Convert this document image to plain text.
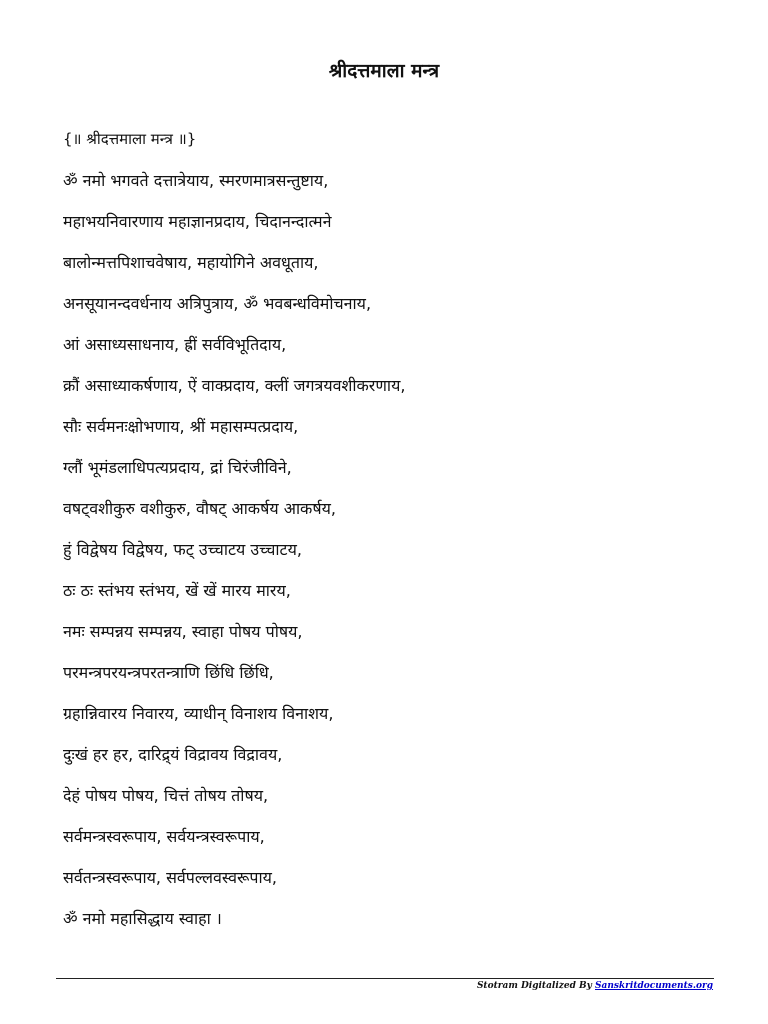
श्रीदत्तमाला मन्त्र
{॥ श्रीदत्तमाला मन्त्र ॥}
ॐ नमो भगवते दत्तात्रेयाय, स्मरणमात्रसन्तुष्टाय,
महाभयनिवारणाय महाज्ञानप्रदाय, चिदानन्दात्मने
बालोन्मत्तपिशाचवेषाय, महायोगिने अवधूताय,
अनसूयानन्दवर्धनाय अत्रिपुत्राय, ॐ भवबन्धविमोचनाय,
आं असाध्यसाधनाय, ह्रीं सर्वविभूतिदाय,
क्रौं असाध्याकर्षणाय, ऐं वाक्प्रदाय, क्लीं जगत्रयवशीकरणाय,
सौः सर्वमनःक्षोभणाय, श्रीं महासम्पत्प्रदाय,
ग्लौं भूमंडलाधिपत्यप्रदाय, द्रां चिरंजीविने,
वषट्वशीकुरु वशीकुरु, वौषट् आकर्षय आकर्षय,
हुं विद्वेषय विद्वेषय, फट् उच्चाटय उच्चाटय,
ठः ठः स्तंभय स्तंभय, खें खें मारय मारय,
नमः सम्पन्नय सम्पन्नय, स्वाहा पोषय पोषय,
परमन्त्रपरयन्त्रपरतन्त्राणि छिंधि छिंधि,
ग्रहान्निवारय निवारय, व्याधीन् विनाशय विनाशय,
दुःखं हर हर, दारिद्र्यं विद्रावय विद्रावय,
देहं पोषय पोषय, चित्तं तोषय तोषय,
सर्वमन्त्रस्वरूपाय, सर्वयन्त्रस्वरूपाय,
सर्वतन्त्रस्वरूपाय, सर्वपल्लवस्वरूपाय,
ॐ नमो महासिद्धाय स्वाहा ।
Stotram Digitalized By Sanskritdocuments.org
